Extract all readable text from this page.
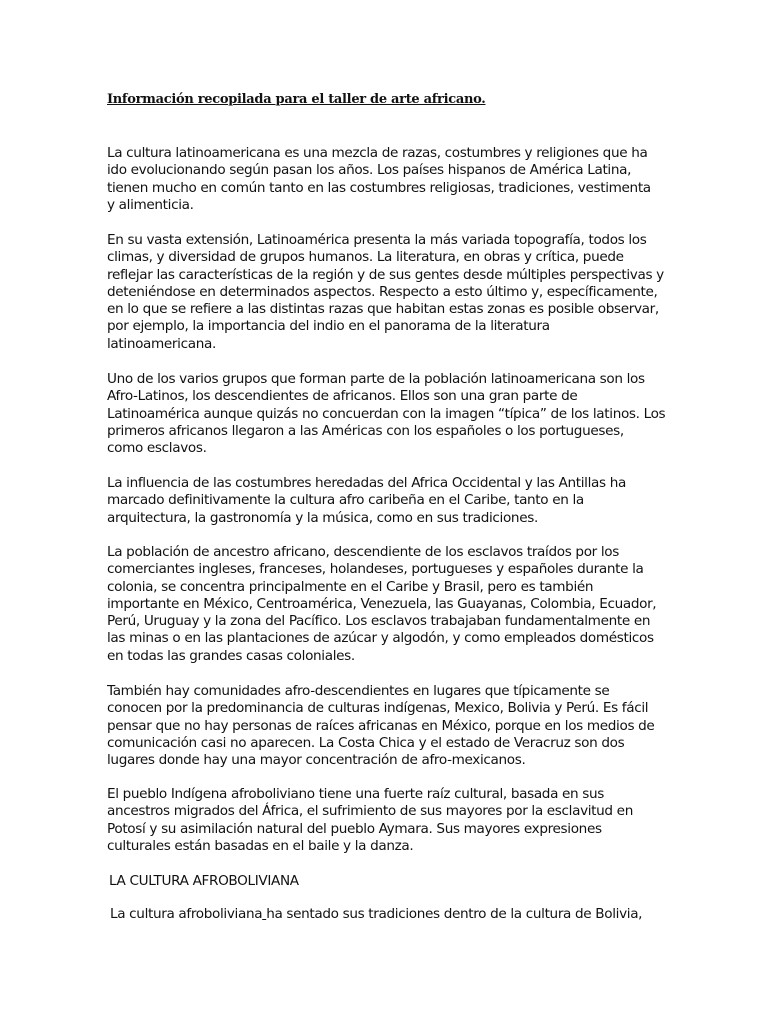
Información recopilada para el taller de arte africano.

La cultura latinoamericana es una mezcla de razas, costumbres y religiones que ha
ido evolucionando según pasan los años. Los países hispanos de América Latina,
tienen mucho en común tanto en las costumbres religiosas, tradiciones, vestimenta
y alimenticia.

En su vasta extensión, Latinoamérica presenta la más variada topografía, todos los
climas, y diversidad de grupos humanos. La literatura, en obras y crítica, puede
reflejar las características de la región y de sus gentes desde múltiples perspectivas y
deteniéndose en determinados aspectos. Respecto a esto último y, específicamente,
en lo que se refiere a las distintas razas que habitan estas zonas es posible observar,
por ejemplo, la importancia del indio en el panorama de la literatura
latinoamericana.

Uno de los varios grupos que forman parte de la población latinoamericana son los
Afro-Latinos, los descendientes de africanos. Ellos son una gran parte de
Latinoamérica aunque quizás no concuerdan con la imagen “típica” de los latinos. Los
primeros africanos llegaron a las Américas con los españoles o los portugueses,
como esclavos.

La influencia de las costumbres heredadas del Africa Occidental y las Antillas ha
marcado definitivamente la cultura afro caribeña en el Caribe, tanto en la
arquitectura, la gastronomía y la música, como en sus tradiciones.

La población de ancestro africano, descendiente de los esclavos traídos por los
comerciantes ingleses, franceses, holandeses, portugueses y españoles durante la
colonia, se concentra principalmente en el Caribe y Brasil, pero es también
importante en México, Centroamérica, Venezuela, las Guayanas, Colombia, Ecuador,
Perú, Uruguay y la zona del Pacífico. Los esclavos trabajaban fundamentalmente en
las minas o en las plantaciones de azúcar y algodón, y como empleados domésticos
en todas las grandes casas coloniales.

También hay comunidades afro-descendientes en lugares que típicamente se
conocen por la predominancia de culturas indígenas, Mexico, Bolivia y Perú. Es fácil
pensar que no hay personas de raíces africanas en México, porque en los medios de
comunicación casi no aparecen. La Costa Chica y el estado de Veracruz son dos
lugares donde hay una mayor concentración de afro-mexicanos.

El pueblo Indígena afroboliviano tiene una fuerte raíz cultural, basada en sus
ancestros migrados del África, el sufrimiento de sus mayores por la esclavitud en
Potosí y su asimilación natural del pueblo Aymara. Sus mayores expresiones
culturales están basadas en el baile y la danza.

LA CULTURA AFROBOLIVIANA

La cultura afroboliviana ha sentado sus tradiciones dentro de la cultura de Bolivia,
